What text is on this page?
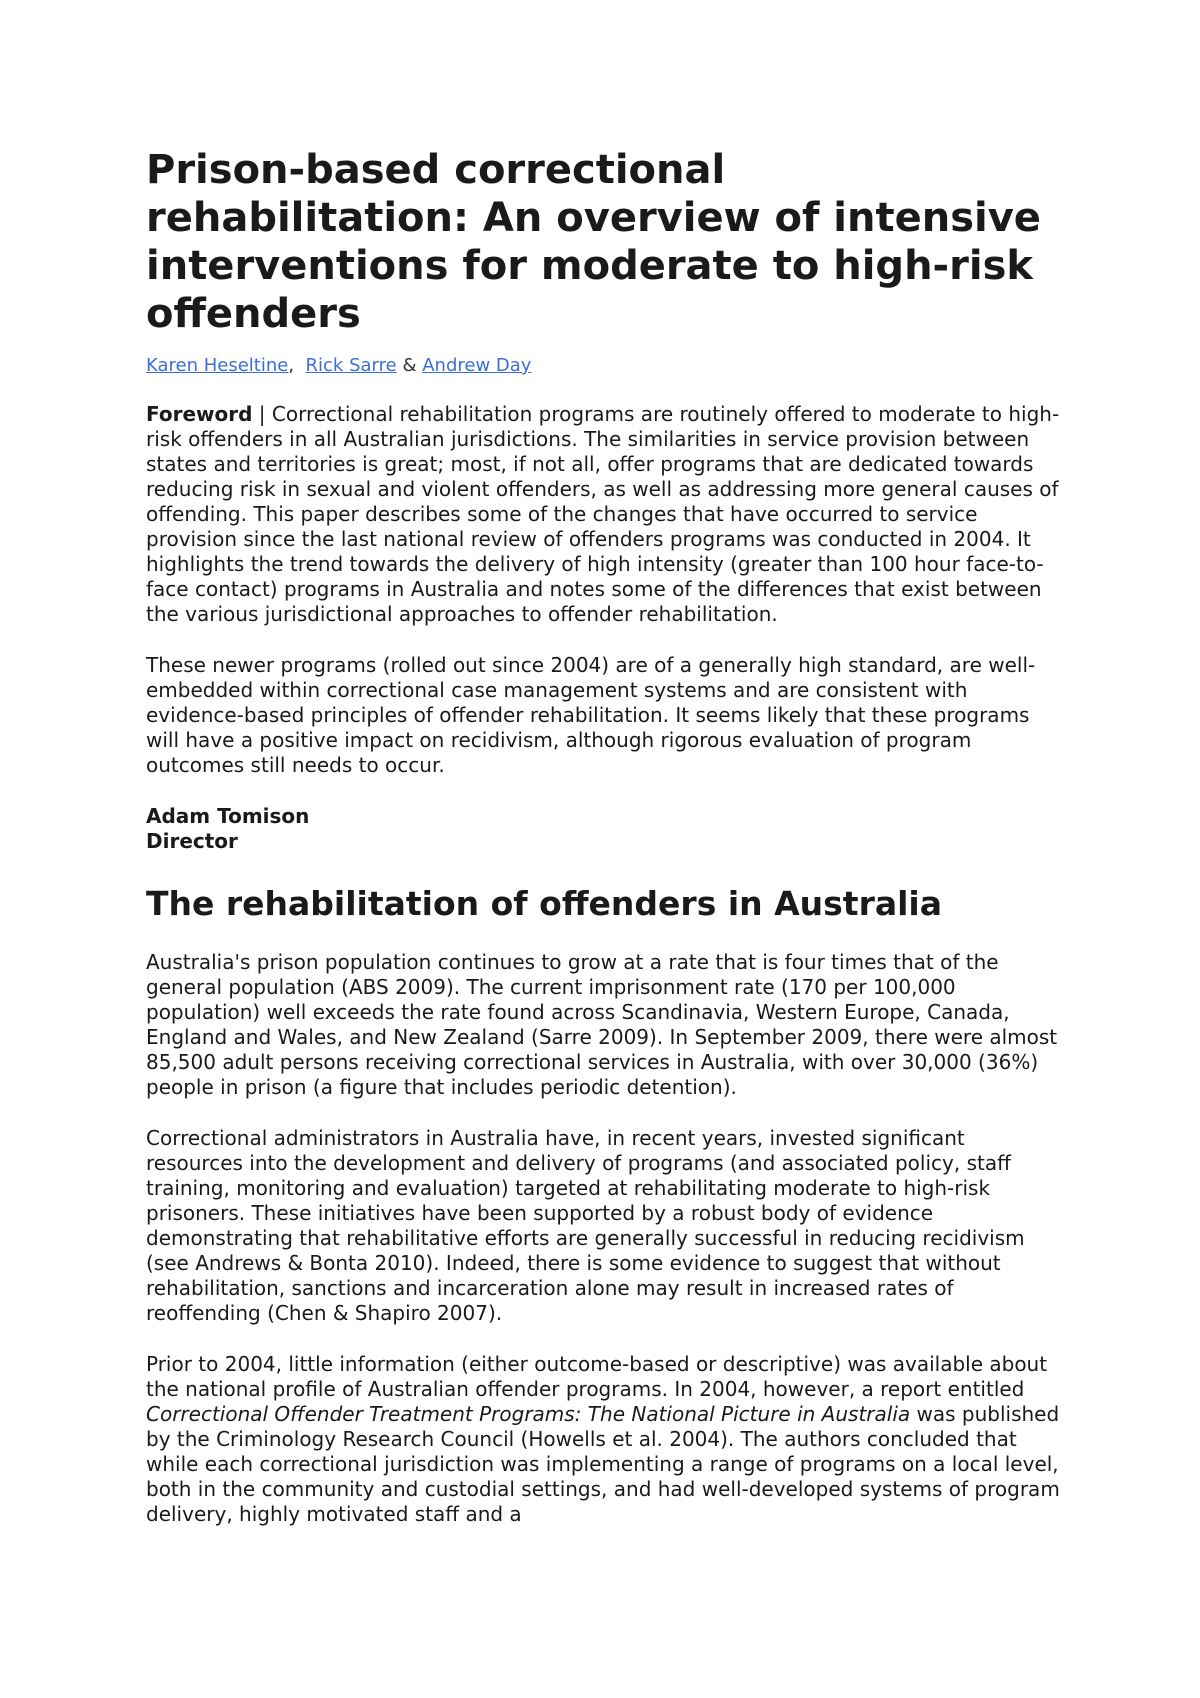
Prison-based correctional rehabilitation: An overview of intensive interventions for moderate to high-risk offenders
Karen Heseltine, Rick Sarre & Andrew Day

Foreword | Correctional rehabilitation programs are routinely offered to moderate to high-risk offenders in all Australian jurisdictions. The similarities in service provision between states and territories is great; most, if not all, offer programs that are dedicated towards reducing risk in sexual and violent offenders, as well as addressing more general causes of offending. This paper describes some of the changes that have occurred to service provision since the last national review of offenders programs was conducted in 2004. It highlights the trend towards the delivery of high intensity (greater than 100 hour face-to-face contact) programs in Australia and notes some of the differences that exist between the various jurisdictional approaches to offender rehabilitation.

These newer programs (rolled out since 2004) are of a generally high standard, are well-embedded within correctional case management systems and are consistent with evidence-based principles of offender rehabilitation. It seems likely that these programs will have a positive impact on recidivism, although rigorous evaluation of program outcomes still needs to occur.

Adam Tomison
Director
The rehabilitation of offenders in Australia

Australia's prison population continues to grow at a rate that is four times that of the general population (ABS 2009). The current imprisonment rate (170 per 100,000 population) well exceeds the rate found across Scandinavia, Western Europe, Canada, England and Wales, and New Zealand (Sarre 2009). In September 2009, there were almost 85,500 adult persons receiving correctional services in Australia, with over 30,000 (36%) people in prison (a figure that includes periodic detention).

Correctional administrators in Australia have, in recent years, invested significant resources into the development and delivery of programs (and associated policy, staff training, monitoring and evaluation) targeted at rehabilitating moderate to high-risk prisoners. These initiatives have been supported by a robust body of evidence demonstrating that rehabilitative efforts are generally successful in reducing recidivism (see Andrews & Bonta 2010). Indeed, there is some evidence to suggest that without rehabilitation, sanctions and incarceration alone may result in increased rates of reoffending (Chen & Shapiro 2007).

Prior to 2004, little information (either outcome-based or descriptive) was available about the national profile of Australian offender programs. In 2004, however, a report entitled Correctional Offender Treatment Programs: The National Picture in Australia was published by the Criminology Research Council (Howells et al. 2004). The authors concluded that while each correctional jurisdiction was implementing a range of programs on a local level, both in the community and custodial settings, and had well-developed systems of program delivery, highly motivated staff and a
